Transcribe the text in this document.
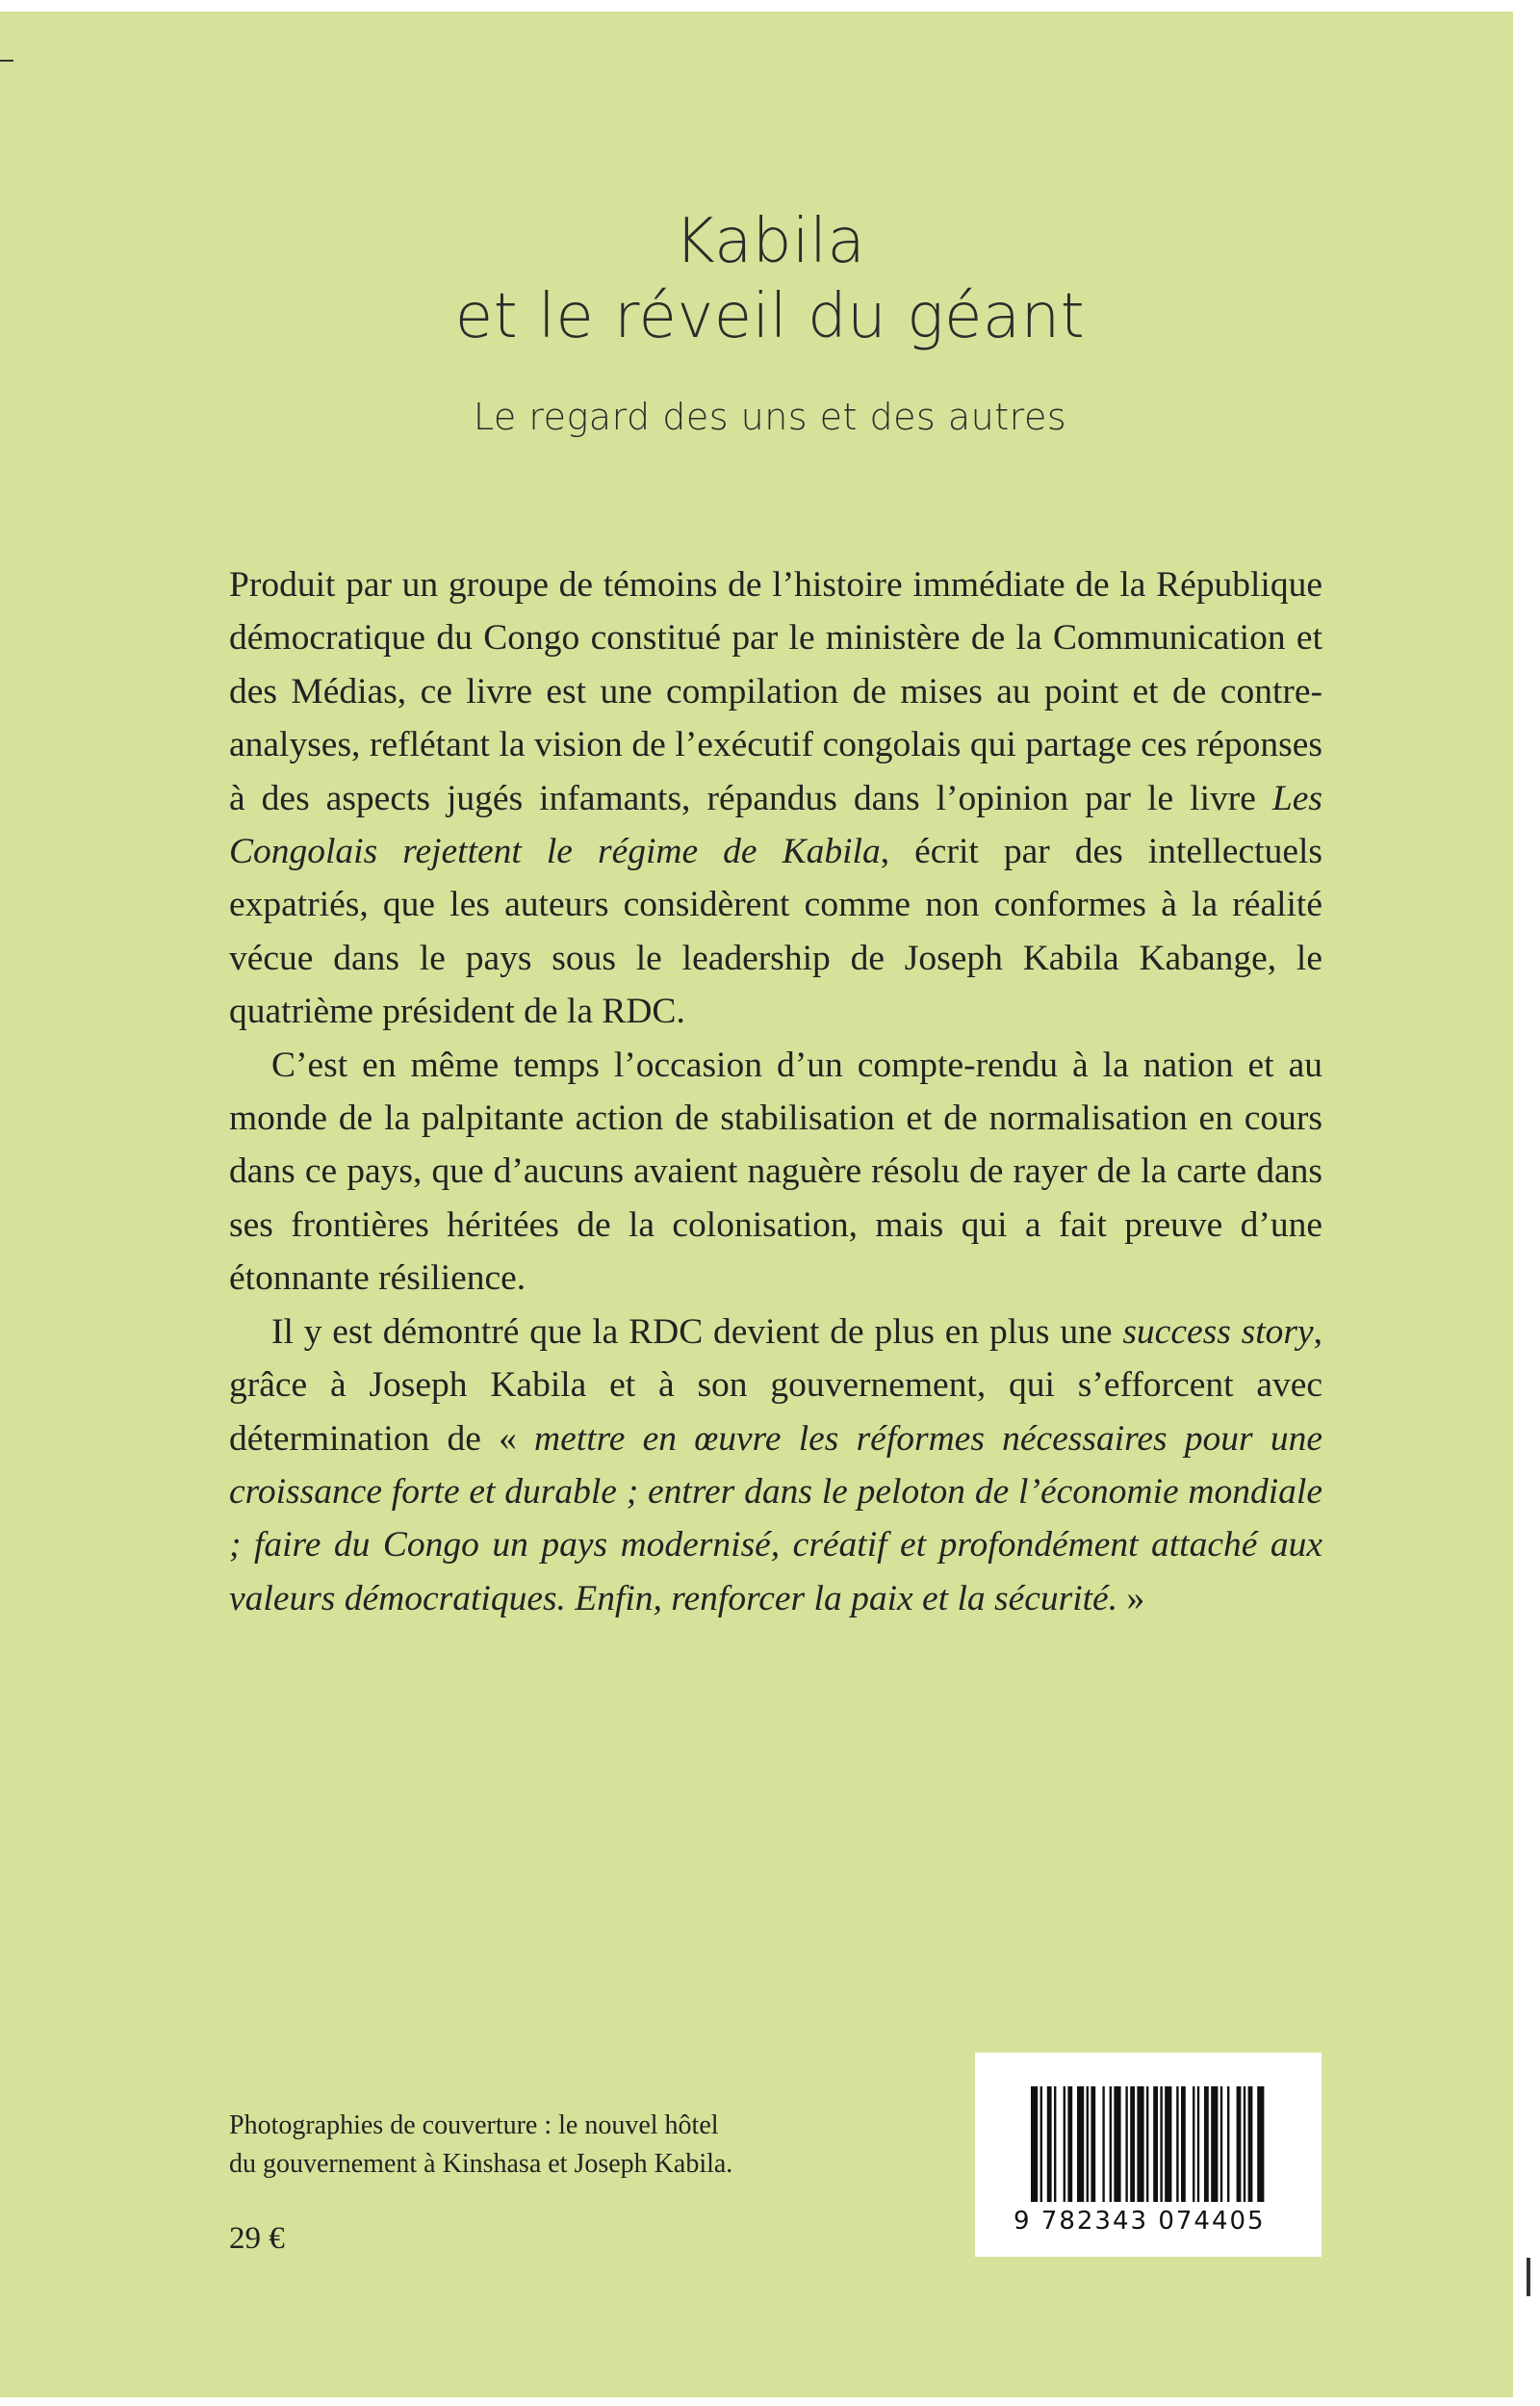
Kabila
et le réveil du géant
Le regard des uns et des autres

Produit par un groupe de témoins de l’histoire immédiate de la République démocratique du Congo constitué par le ministère de la Communication et des Médias, ce livre est une compilation de mises au point et de contre-analyses, reflétant la vision de l’exécutif congolais qui partage ces réponses à des aspects jugés infamants, répandus dans l’opinion par le livre Les Congolais rejettent le régime de Kabila, écrit par des intellectuels expatriés, que les auteurs considèrent comme non conformes à la réalité vécue dans le pays sous le leadership de Joseph Kabila Kabange, le quatrième président de la RDC.

C’est en même temps l’occasion d’un compte-rendu à la nation et au monde de la palpitante action de stabilisation et de normalisation en cours dans ce pays, que d’aucuns avaient naguère résolu de rayer de la carte dans ses frontières héritées de la colonisation, mais qui a fait preuve d’une étonnante résilience.

Il y est démontré que la RDC devient de plus en plus une success story, grâce à Joseph Kabila et à son gouvernement, qui s’efforcent avec détermination de « mettre en œuvre les réformes nécessaires pour une croissance forte et durable ; entrer dans le peloton de l’économie mondiale ; faire du Congo un pays modernisé, créatif et profondément attaché aux valeurs démocratiques. Enfin, renforcer la paix et la sécurité. »

Photographies de couverture : le nouvel hôtel
du gouvernement à Kinshasa et Joseph Kabila.
29 €	9 782343 074405
